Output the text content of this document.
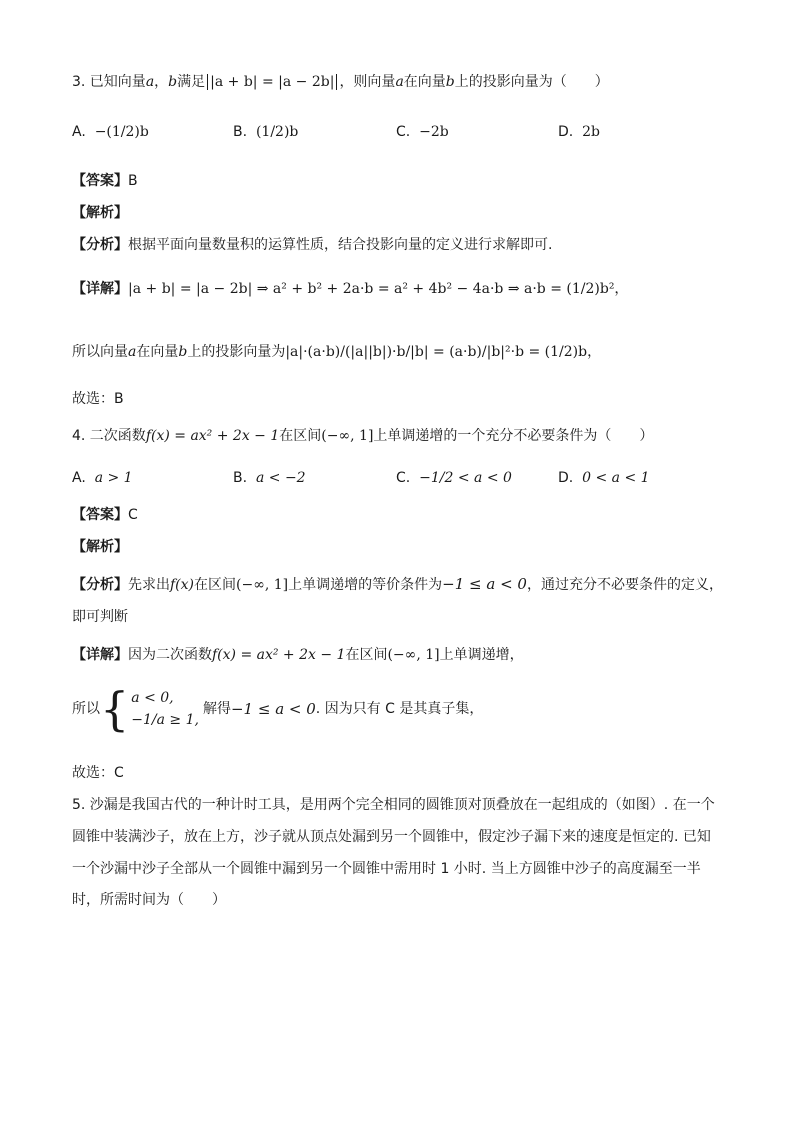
3. 已知向量a，b满足 |a + b| = |a − 2b| ，则向量a在向量b上的投影向量为（　　）
A. −(1/2)b	B. (1/2)b	C. −2b	D. 2b
【答案】B
【解析】
【分析】根据平面向量数量积的运算性质，结合投影向量的定义进行求解即可.
【详解】|a + b| = |a − 2b| ⇒ a² + b² + 2a·b = a² + 4b² − 4a·b ⇒ a·b = (1/2)b²，
所以向量a在向量b上的投影向量为|a|·(a·b)/(|a||b|)·b/|b| = (a·b)/|b|²·b = (1/2)b，
故选：B
4. 二次函数f(x) = ax² + 2x − 1在区间(−∞, 1]上单调递增的一个充分不必要条件为（　　）
A. a > 1	B. a < −2	C. −1/2 < a < 0	D. 0 < a < 1
【答案】C
【解析】
【分析】先求出f(x)在区间(−∞, 1]上单调递增的等价条件为−1 ≤ a < 0，通过充分不必要条件的定义，
即可判断
【详解】因为二次函数f(x) = ax² + 2x − 1在区间(−∞, 1]上单调递增，
所以{ a < 0,
−1/a ≥ 1,
解得−1 ≤ a < 0. 因为只有 C 是其真子集，
故选：C
5. 沙漏是我国古代的一种计时工具，是用两个完全相同的圆锥顶对顶叠放在一起组成的（如图）. 在一个
圆锥中装满沙子，放在上方，沙子就从顶点处漏到另一个圆锥中，假定沙子漏下来的速度是恒定的. 已知
一个沙漏中沙子全部从一个圆锥中漏到另一个圆锥中需用时 1 小时. 当上方圆锥中沙子的高度漏至一半
时，所需时间为（　　）
